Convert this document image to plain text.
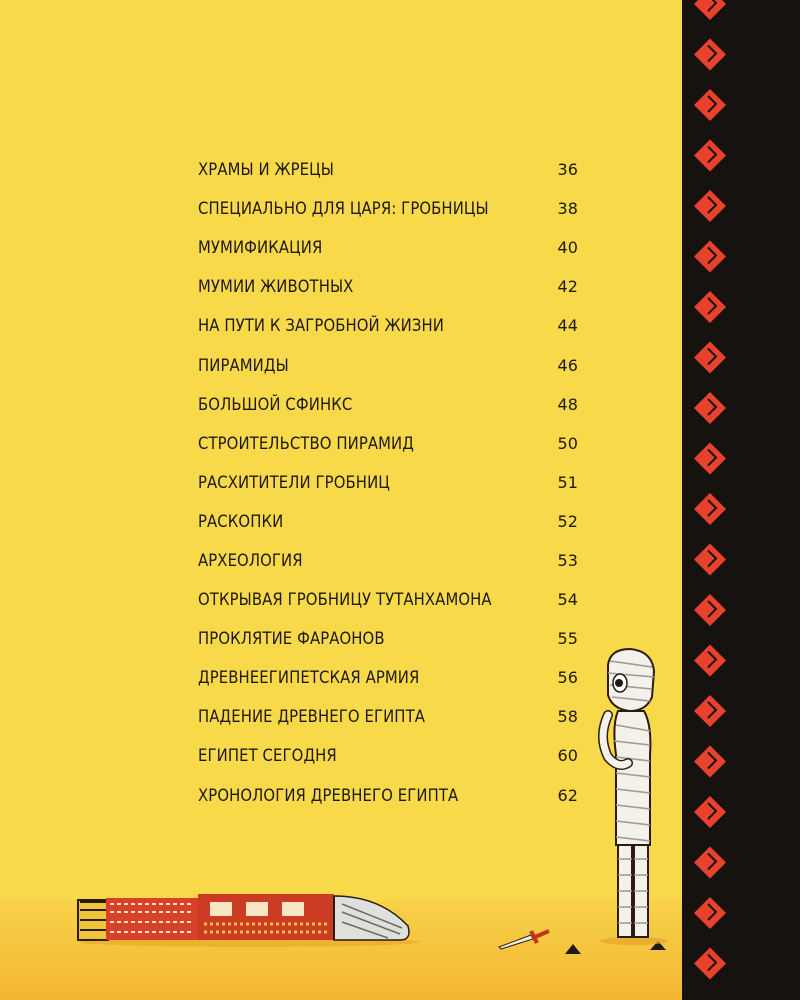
ХРАМЫ И ЖРЕЦЫ	36
СПЕЦИАЛЬНО ДЛЯ ЦАРЯ: ГРОБНИЦЫ	38
МУМИФИКАЦИЯ	40
МУМИИ ЖИВОТНЫХ	42
НА ПУТИ К ЗАГРОБНОЙ ЖИЗНИ	44
ПИРАМИДЫ	46
БОЛЬШОЙ СФИНКС	48
СТРОИТЕЛЬСТВО ПИРАМИД	50
РАСХИТИТЕЛИ ГРОБНИЦ	51
РАСКОПКИ	52
АРХЕОЛОГИЯ	53
ОТКРЫВАЯ ГРОБНИЦУ ТУТАНХАМОНА	54
ПРОКЛЯТИЕ ФАРАОНОВ	55
ДРЕВНЕЕГИПЕТСКАЯ АРМИЯ	56
ПАДЕНИЕ ДРЕВНЕГО ЕГИПТА	58
ЕГИПЕТ СЕГОДНЯ	60
ХРОНОЛОГИЯ ДРЕВНЕГО ЕГИПТА	62
